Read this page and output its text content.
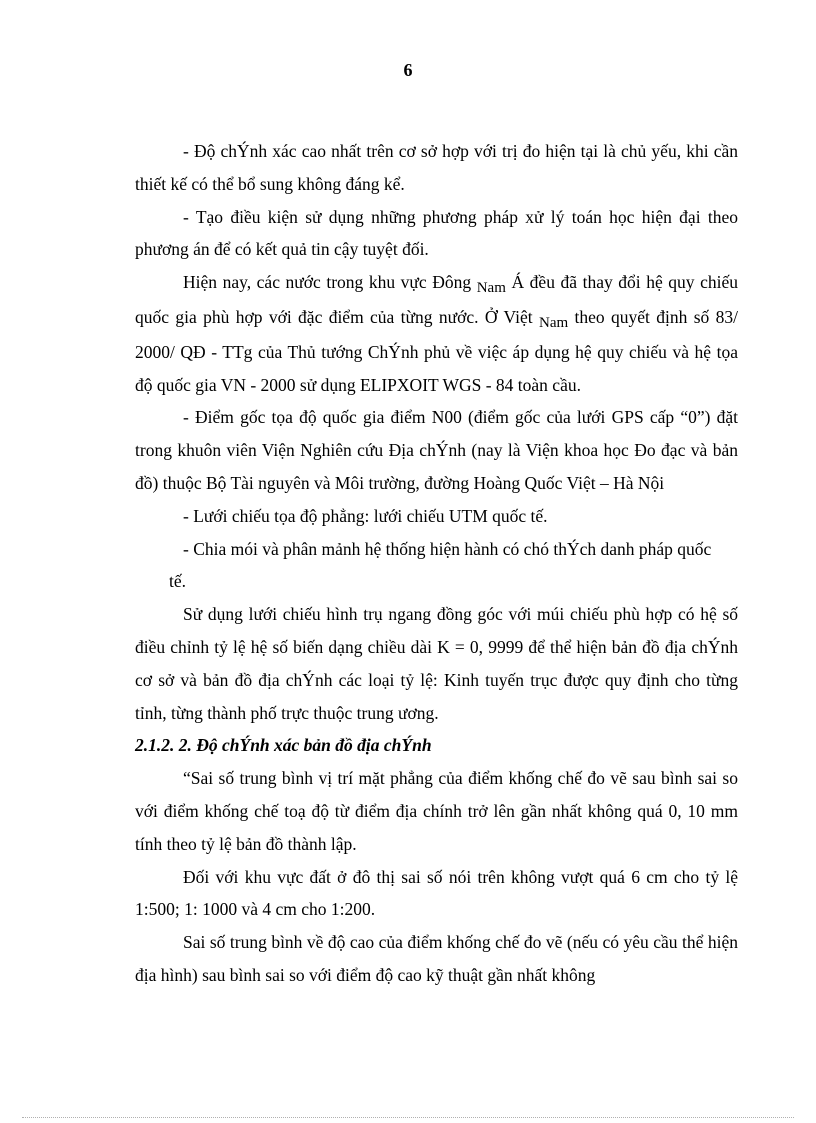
6

- Độ chÝnh xác cao nhất trên cơ sở hợp với trị đo hiện tại là chủ yếu, khi cần thiết kế có thể bổ sung không đáng kể.

- Tạo điều kiện sử dụng những phương pháp xử lý toán học hiện đại theo phương án để có kết quả tin cậy tuyệt đối.

Hiện nay, các nước trong khu vực Đông Nam Á đều đã thay đổi hệ quy chiếu quốc gia phù hợp với đặc điểm của từng nước. Ở Việt Nam theo quyết định số 83/ 2000/ QĐ - TTg của Thủ tướng ChÝnh phủ về việc áp dụng hệ quy chiếu và hệ tọa độ quốc gia VN - 2000 sử dụng ELIPXOIT WGS - 84 toàn cầu.

- Điểm gốc tọa độ quốc gia điểm N00 (điểm gốc của lưới GPS cấp “0”) đặt trong khuôn viên Viện Nghiên cứu Địa chÝnh (nay là Viện khoa học Đo đạc và bản đồ) thuộc Bộ Tài nguyên và Môi trường, đường Hoàng Quốc Việt – Hà Nội

- Lưới chiếu tọa độ phẳng: lưới chiếu UTM quốc tế.

- Chia mói và phân mảnh hệ thống hiện hành có chó thÝch danh pháp quốc

tế.

Sử dụng lưới chiếu hình trụ ngang đồng góc với múi chiếu phù hợp có hệ số điều chỉnh tỷ lệ hệ số biến dạng chiều dài K = 0, 9999 để thể hiện bản đồ địa chÝnh cơ sở và bản đồ địa chÝnh các loại tỷ lệ: Kinh tuyến trục được quy định cho từng tỉnh, từng thành phố trực thuộc trung ương.

2.1.2. 2. Độ chÝnh xác bản đồ địa chÝnh

“Sai số trung bình vị trí mặt phẳng của điểm khống chế đo vẽ sau bình sai so với điểm khống chế toạ độ từ điểm địa chính trở lên gần nhất không quá 0, 10 mm tính theo tỷ lệ bản đồ thành lập.

Đối với khu vực đất ở đô thị sai số nói trên không vượt quá 6 cm cho tỷ lệ 1:500; 1: 1000 và 4 cm cho 1:200.

Sai số trung bình về độ cao của điểm khống chế đo vẽ (nếu có yêu cầu thể hiện địa hình) sau bình sai so với điểm độ cao kỹ thuật gần nhất không
